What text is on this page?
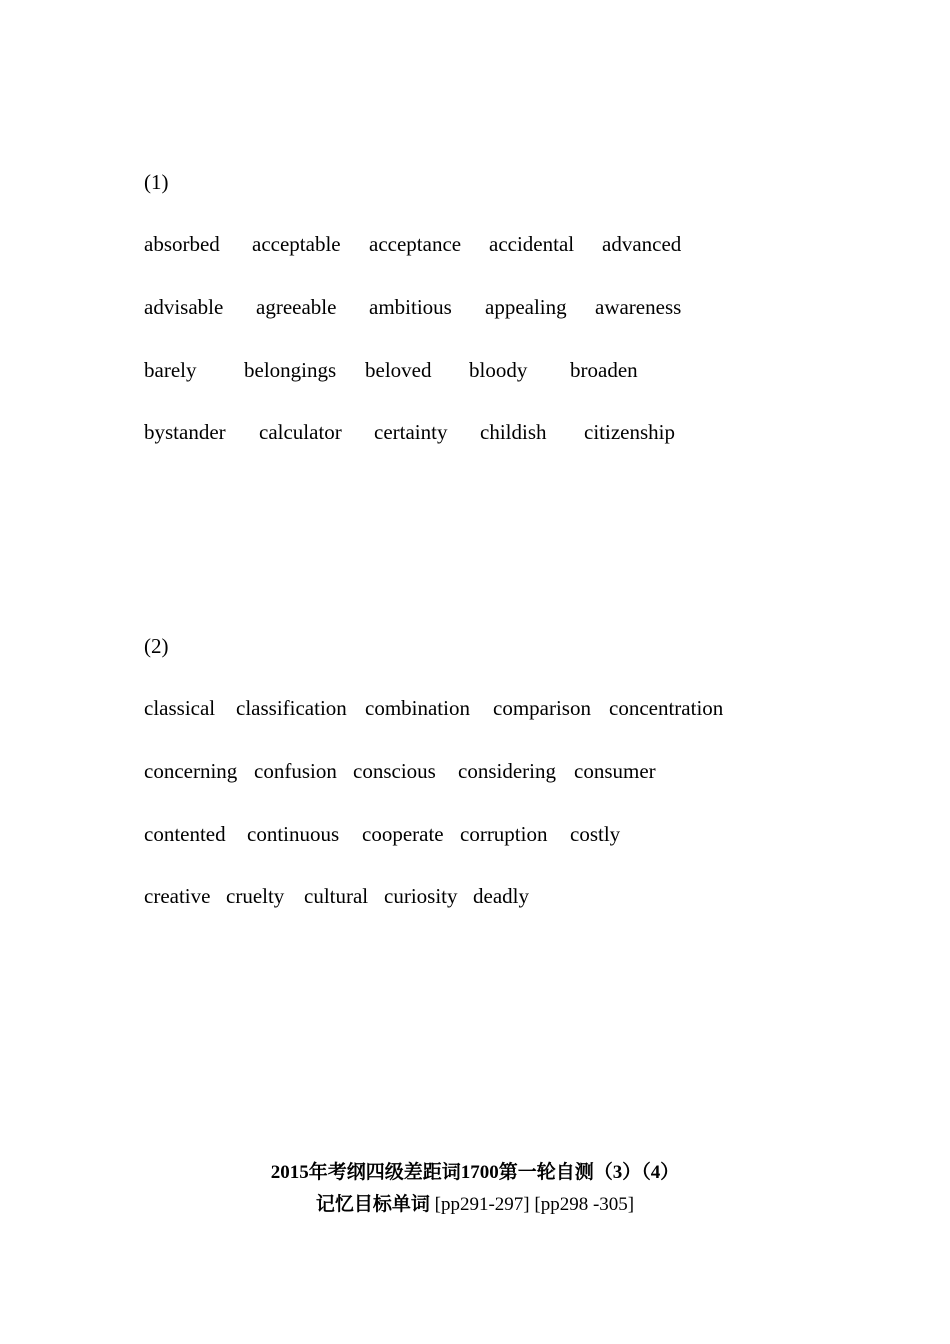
(1)
absorbed acceptable acceptance accidental advanced
advisable agreeable ambitious appealing awareness
barely belongings beloved bloody broaden
bystander calculator certainty childish citizenship
(2)
classical classification combination comparison concentration
concerning confusion conscious considering consumer
contented continuous cooperate corruption costly
creative cruelty cultural curiosity deadly
2015年考纲四级差距词1700第一轮自测（3）（4）
记忆目标单词 [pp291-297] [pp298 -305]
